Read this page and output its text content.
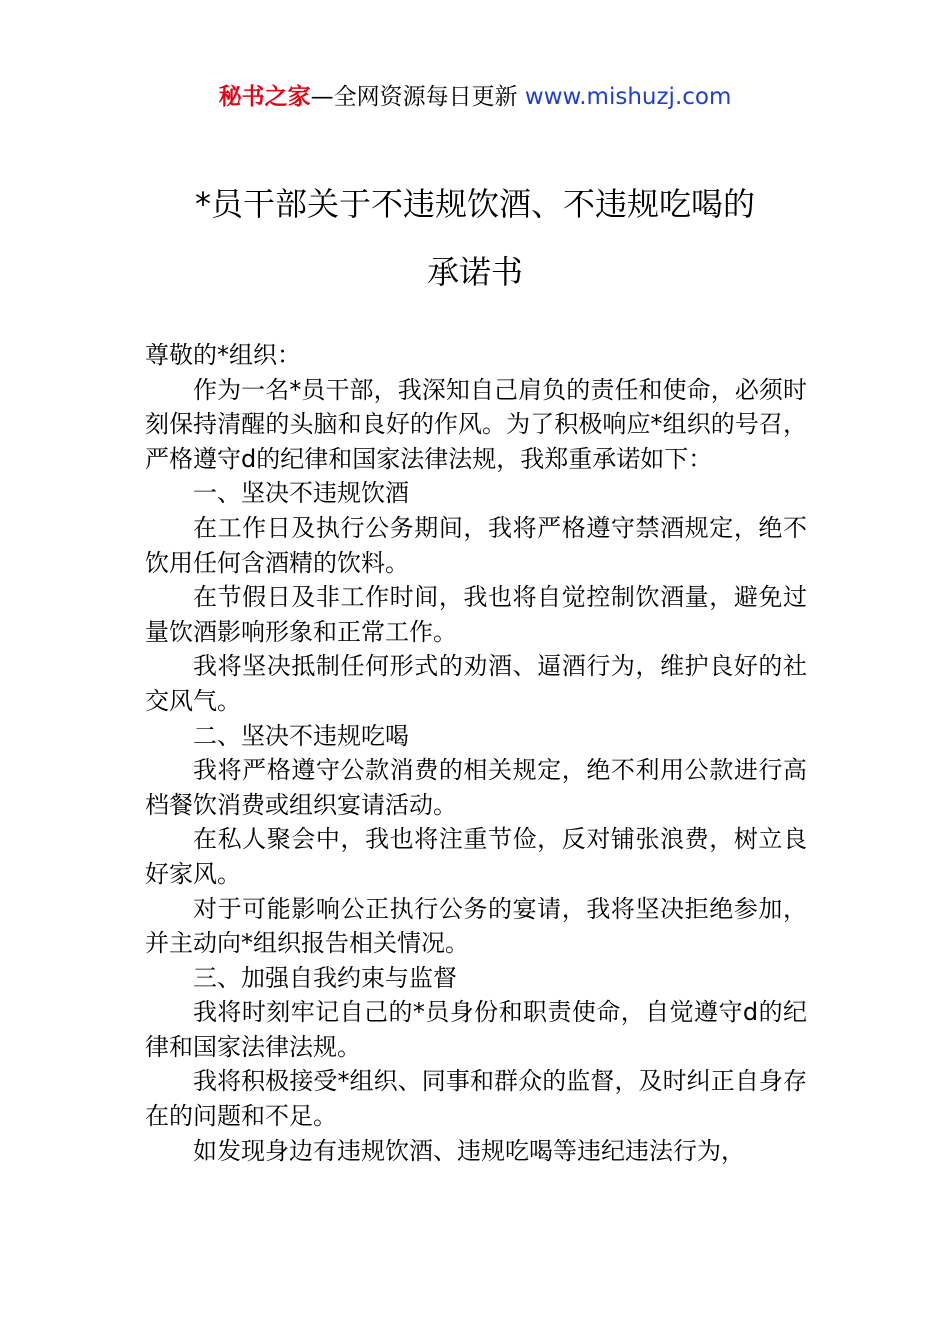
秘书之家—全网资源每日更新 www.mishuzj.com
*员干部关于不违规饮酒、不违规吃喝的
承诺书

尊敬的*组织：

作为一名*员干部，我深知自己肩负的责任和使命，必须时刻保持清醒的头脑和良好的作风。为了积极响应*组织的号召，严格遵守d的纪律和国家法律法规，我郑重承诺如下：

一、坚决不违规饮酒

在工作日及执行公务期间，我将严格遵守禁酒规定，绝不饮用任何含酒精的饮料。

在节假日及非工作时间，我也将自觉控制饮酒量，避免过量饮酒影响形象和正常工作。

我将坚决抵制任何形式的劝酒、逼酒行为，维护良好的社交风气。

二、坚决不违规吃喝

我将严格遵守公款消费的相关规定，绝不利用公款进行高档餐饮消费或组织宴请活动。

在私人聚会中，我也将注重节俭，反对铺张浪费，树立良好家风。

对于可能影响公正执行公务的宴请，我将坚决拒绝参加，并主动向*组织报告相关情况。

三、加强自我约束与监督

我将时刻牢记自己的*员身份和职责使命，自觉遵守d的纪律和国家法律法规。

我将积极接受*组织、同事和群众的监督，及时纠正自身存在的问题和不足。

如发现身边有违规饮酒、违规吃喝等违纪违法行为，
